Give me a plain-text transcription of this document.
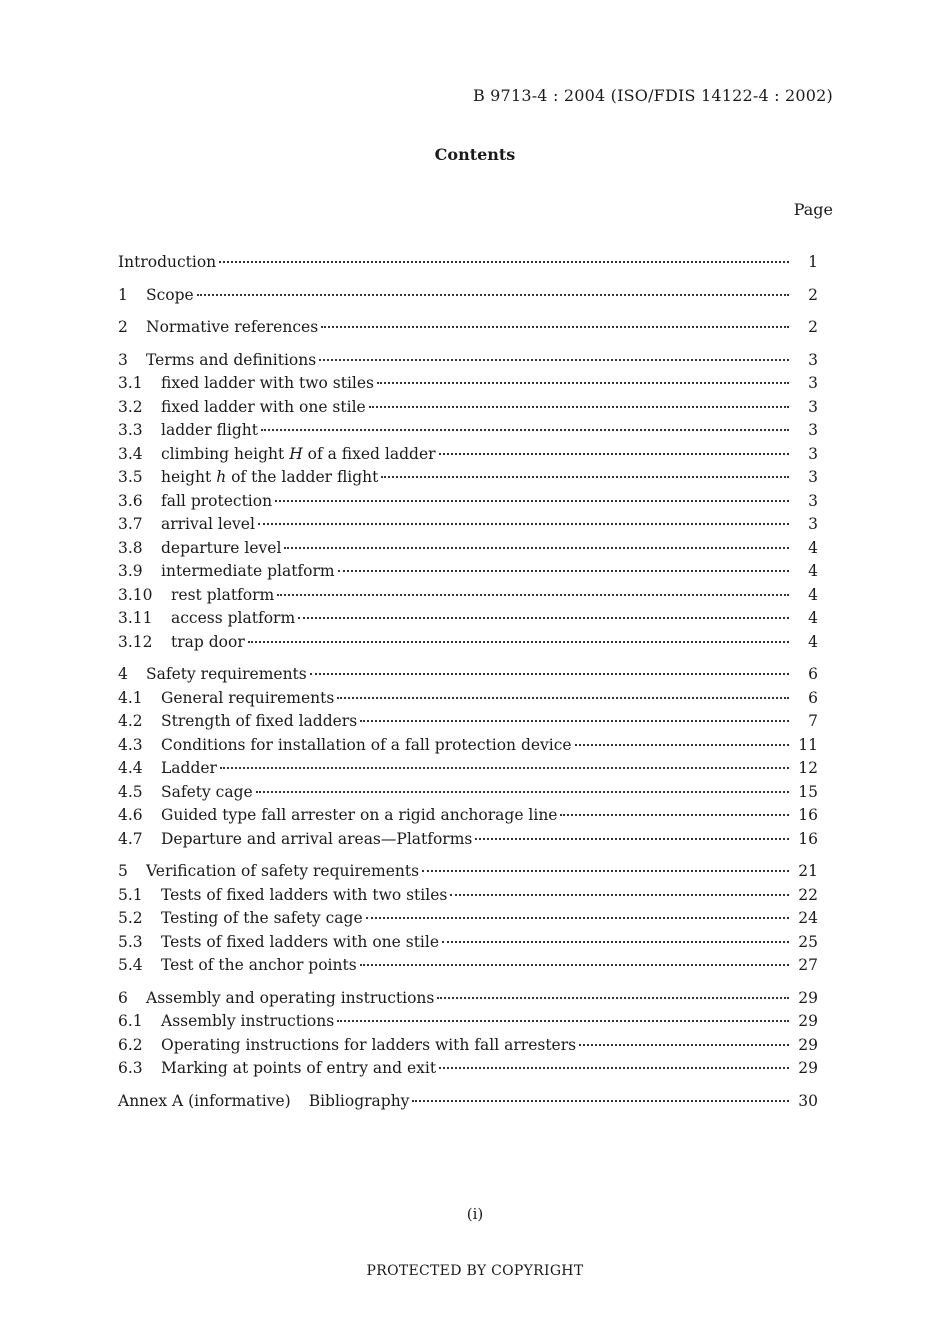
B 9713-4 : 2004 (ISO/FDIS 14122-4 : 2002)
Contents
Page
Introduction	1
1	Scope	2
2	Normative references	2
3	Terms and definitions	3
3.1	fixed ladder with two stiles	3
3.2	fixed ladder with one stile	3
3.3	ladder flight	3
3.4	climbing height H of a fixed ladder	3
3.5	height h of the ladder flight	3
3.6	fall protection	3
3.7	arrival level	3
3.8	departure level	4
3.9	intermediate platform	4
3.10	rest platform	4
3.11	access platform	4
3.12	trap door	4
4	Safety requirements	6
4.1	General requirements	6
4.2	Strength of fixed ladders	7
4.3	Conditions for installation of a fall protection device	11
4.4	Ladder	12
4.5	Safety cage	15
4.6	Guided type fall arrester on a rigid anchorage line	16
4.7	Departure and arrival areas—Platforms	16
5	Verification of safety requirements	21
5.1	Tests of fixed ladders with two stiles	22
5.2	Testing of the safety cage	24
5.3	Tests of fixed ladders with one stile	25
5.4	Test of the anchor points	27
6	Assembly and operating instructions	29
6.1	Assembly instructions	29
6.2	Operating instructions for ladders with fall arresters	29
6.3	Marking at points of entry and exit	29
Annex A (informative) Bibliography	30
(i)
PROTECTED BY COPYRIGHT
